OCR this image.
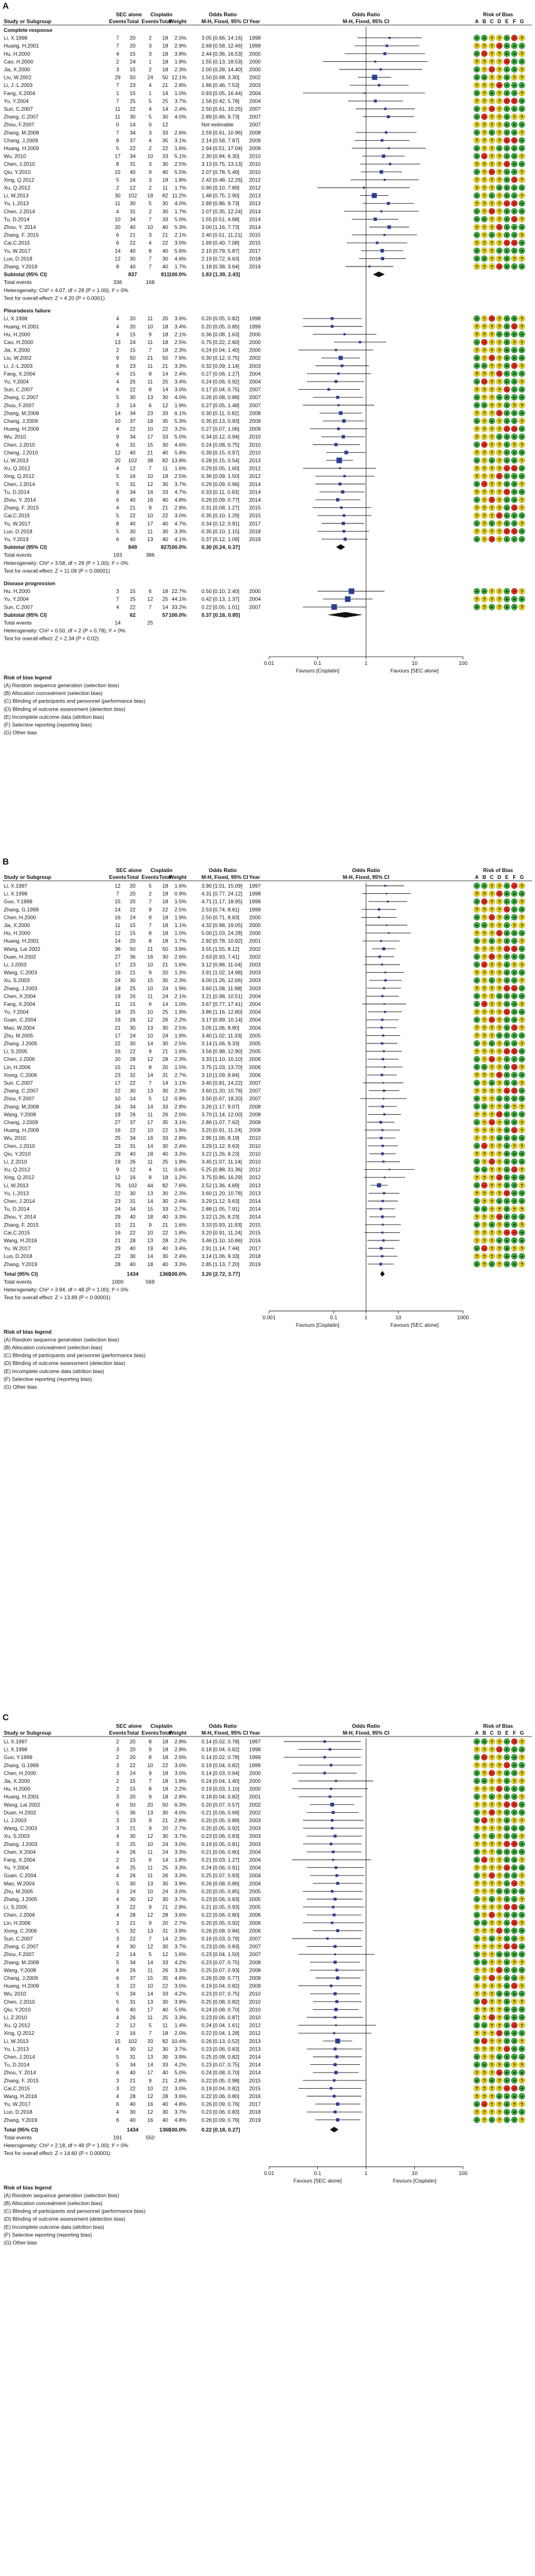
A
SEC alone Cisplatin	Odds Ratio	Odds Ratio	Risk of Bias
Study or Subgroup	Events Total Events Total
Weight	M-H, Fixed, 95% CI Year	M-H, Fixed, 95% CI	A B C D E F G
Complete response
Li, X.1998	7 20	2 18 2.0%	3.05 [0.66, 14.16] 1998	+ + ? ? + − ?
Huang, H.2001	7 20	3 18 2.9%	2.69 [0.58, 12.46] 1999	? ? ? − + + +
Hu, H.2000	4 15	3 18 3.8%	2.44 [0.36, 16.53] 2000	+ − ? ? + + ?
Cao, H.2000	2 24	1 18 1.8%	1.55 [0.13, 18.53] 2000	? ? ? ? − + +
Jia, X.2000	3 15	2 18 2.3%	2.00 [0.28, 14.40] 2000	+ ? − ? + + ?
Liu, W.2002	29 50 24 50 12.1%	1.50 [0.68, 3.30] 2002	+ + ? ? + ? ?
Li, J.-L.2003	7 23	4 21 2.8%	1.86 [0.46, 7.53] 2003	? ? ? − + + +
Fang, X.2004	1 15	1 14 1.0%	0.93 [0.05, 16.44] 2004	+ ? + ? + + ?
Yu, Y.2004	7 25	5 25 3.7%	1.56 [0.42, 5.78] 2004	? ? ? ? − − +
Sun, C.2007	11 22	4 14 2.4%	2.50 [0.61, 10.25] 2007	+ ? − ? + + +
Zhang, C.2007	11 30	5 30 4.0%	2.89 [0.86, 9.73] 2007	+ − ? ? + ? ?
Zhou, F.2007	0 14	0 12	Not estimable	2007	? ? ? ? + + +
Zhang, M.2008	7 34	3 33 2.6%	2.59 [0.61, 10.96] 2008	+ ? + ? + + ?
Chang, J.2009	8 37	4 35 3.1%	2.14 [0.58, 7.87] 2009	? ? ? ? − − +
Huang, H.2009	5 22	2 22 1.6%	2.94 [0.51, 17.04] 2009	+ ? ? + + + +
Wu, 2010	17 34 10 33 5.1%	2.30 [0.84, 6.30] 2010	+ − ? ? + + ?
Chen, J.2010	8 31	3 30 2.5%	3.13 [0.75, 13.13] 2010	? ? ? ? − + +
Qiu, Y.2010	15 40	9 40 5.5%	2.07 [0.78, 5.49] 2010	+ ? − ? + + ?
Xing, Q.2012	5 16	3 18 1.8%	2.42 [0.48, 12.26] 2012	? ? ? ? + − ?
Xu, Q.2012	2 12	2 11 1.7%	0.90 [0.10, 7.89] 2012	? ? ? + + + +
Li, W.2013	30 102 18 82 11.2%	1.48 [0.75, 2.90] 2013	+ ? + ? + + ?
Yu, L.2013	11 30	5 30 4.0%	2.89 [0.86, 9.73] 2013	? ? ? ? − − +
Chen, J.2014	4 31	2 30 1.7%	2.07 [0.35, 12.24] 2014	+ ? − ? + + +
Tu, D.2014	10 34	7 33 5.0%	1.55 [0.51, 4.68] 2014	+ + ? ? + − ?
Zhou, Y. 2014	20 40 10 40 5.3%	3.00 [1.16, 7.73] 2014	? ? ? − + + +
Zhang, F. 2015	6 21	3 21 2.1%	2.40 [0.51, 11.21] 2015	+ ? + ? + + ?
Cai,C.2015	6 22	4 22 3.0%	1.69 [0.40, 7.08] 2015	? ? ? ? − − +
Yu, W.2017	14 40	8 40 5.6%	2.15 [0.79, 5.87] 2017	+ ? ? + + + +
Luo, D.2018	12 30	7 30 4.6%	2.19 [0.72, 6.63] 2018	+ + ? ? + ? ?
Zhang, Y.2019	8 40	7 40 1.7%	1.18 [0.38, 3.64] 2019	? ? ? − + + +
Subtotal (95% CI)	837	811
100.0%	1.83 [1.39, 2.43]
Total events	336	168
Heterogeneity: Chi² = 4.07, df = 28 (P = 1.00); I² = 0%
Test for overall effect: Z = 4.20 (P < 0.0001)
Pleurodesis failure
Li, X.1998	4 20 11 20 3.6%	0.20 [0.05, 0.82] 1998	+ ? − ? + + ?
Huang, H.2001	4 20 10 18 3.4%	0.20 [0.05, 0.85] 1999	? ? ? ? + − ?
Hu, H.2000	4 15	9 18 2.1%	0.36 [0.08, 1.63] 2000	? ? ? + + + +
Cao, H.2000	13 24 11 18 2.5%	0.75 [0.22, 2.60] 2000	+ − ? ? + ? ?
Jia, X.2000	2 15	7 18 2.3%	0.24 [0.04, 1.40] 2000	? ? ? ? + + +
Liu, W.2002	9 50 21 50 7.6%	0.30 [0.12, 0.75] 2002	+ ? − ? + + +
Li, J.-L.2003	6 23 11 21 3.3%	0.32 [0.09, 1.14] 2003	+ + ? ? + − ?
Fang, X.2004	4 15	8 14 2.4%	0.27 [0.06, 1.27] 2004	? ? ? − + + +
Yu, Y.2004	4 25 11 25 3.4%	0.24 [0.06, 0.92] 2004	+ − ? ? + + ?
Sun, C.2007	4 22	8 14 3.0%	0.17 [0.04, 0.75] 2007	? ? ? ? − + +
Zhang, C.2007	5 30 13 30 4.0%	0.26 [0.08, 0.88] 2007	+ ? ? + + + +
Zhou, F.2007	3 14	6 12 1.9%	0.27 [0.05, 1.48] 2007	+ + ? ? + ? ?
Zhang, M.2008	14 34 23 33 6.1%	0.30 [0.11, 0.82] 2008	? ? ? − + + +
Chang, J.2009	10 37 18 35 5.3%	0.35 [0.13, 0.93] 2009	+ ? + ? + + ?
Huang, H.2009	4 22 10 22 3.2%	0.27 [0.07, 1.06] 2009	? ? ? ? − − +
Wu, 2010	9 34 17 33 5.0%	0.34 [0.12, 0.94] 2010	? ? ? + + + +
Chen, J.2010	6 31 15 30 4.6%	0.24 [0.08, 0.75] 2010	+ − ? ? + ? ?
Cheng, J.2010	12 40 21 40 5.9%	0.39 [0.15, 0.97] 2010	? ? ? ? + + +
Li, W.2013	20 102 38 82 13.8%	0.28 [0.15, 0.54] 2013	+ ? + ? + + ?
Xu, Q.2012	4 12	7 11 1.6%	0.29 [0.05, 1.60] 2012	? ? ? ? − − +
Xing, Q.2012	5 16 10 18 2.5%	0.36 [0.09, 1.50] 2012	? ? ? − + + +
Chen, J.2014	5 31 12 30 3.7%	0.29 [0.09, 0.96] 2014	+ − ? ? + + ?
Tu, D.2014	8 34 16 33 4.7%	0.33 [0.11, 0.93] 2014	? ? ? ? − + +
Zhou, Y. 2014	6 40 16 40 4.8%	0.26 [0.09, 0.77] 2014	+ ? − ? + + ?
Zhang, F. 2015	4 21	9 21 2.8%	0.31 [0.08, 1.27] 2015	? ? ? ? + − ?
Cai,C.2015	5 22 10 22 3.0%	0.35 [0.10, 1.29] 2015	? ? ? − + + +
Yu, W.2017	8 40 17 40 4.7%	0.34 [0.12, 0.91] 2017	+ ? + ? + + ?
Luo, D.2018	5 30 11 30 3.3%	0.35 [0.10, 1.15] 2018	? ? ? ? − − +
Yu, Y.2019	6 40 13 40 4.1%	0.37 [0.12, 1.09] 2019	+ ? − ? + + +
Subtotal (95% CI)	849	827
100.0%	0.30 [0.24, 0.37]
Total events	193	386
Heterogeneity: Chi² = 3.58, df = 28 (P = 1.00); I² = 0%
Test for overall effect: Z = 11.09 (P < 0.00001)
Disease progression
Hu, H.2000	3 15	6 18 22.7%	0.50 [0.10, 2.40] 2000	+ + ? ? + − ?
Yu, Y.2004	7 25 12 25 44.1%	0.42 [0.13, 1.37] 2004	? ? ? ? + + +
Sun, C.2007	4 22	7 14 33.2%	0.22 [0.05, 1.01] 2007	+ ? + ? + + ?
Subtotal (95% CI)	62	57 100.0%	0.37 [0.16, 0.85]
Total events	14	25
Heterogeneity: Chi² = 0.50, df = 2 (P = 0.78); I² = 0%
Test for overall effect: Z = 2.34 (P = 0.02)
0.01	0.1	1	10	100
Favours [Cisplatin]	Favours [SEC alone]
Risk of bias legend
(A) Random sequence generation (selection bias)
(B) Allocation concealment (selection bias)
(C) Blinding of participants and personnel (performance bias)
(D) Blinding of outcome assessment (detection bias)
(E) Incomplete outcome data (attrition bias)
(F) Selective reporting (reporting bias)
(G) Other bias
B
SEC alone Cisplatin	Odds Ratio	Odds Ratio	Risk of Bias
Study or Subgroup	Events Total Events Total
Weight	M-H, Fixed, 95% CI Year	M-H, Fixed, 95% CI	A B C D E F G
Li, X.1997	12 20	5 18 1.6%	3.90 [1.01, 15.09] 1997	+ + ? ? + − ?
Li, X.1998	7 20	2 18 0.9%	4.31 [0.77, 24.12] 1998	? ? ? − + + +
Guo, Y.1999	15 20	7 18 1.5%	4.71 [1.17, 18.95] 1999	+ − ? ? + + ?
Zhang, G.1999	14 22	9 22 2.5%	2.53 [0.74, 8.61] 1999	? ? ? ? − + +
Chen, H.2000	16 24	8 18 1.9%	2.50 [0.71, 8.83] 2000	+ ? − ? + + ?
Jia, X.2000	11 15	7 18 1.1%	4.32 [0.98, 19.05] 2000	+ + ? ? + ? ?
Hu, H.2000	12 15	8 18 1.0%	5.00 [1.03, 24.28] 2000	? ? ? − + + +
Huang, H.2001	14 20	8 18 1.7%	2.92 [0.78, 10.92] 2001	+ ? + ? + + ?
Wang, Lai 2002	36 50 21 50 3.9%	3.55 [1.55, 8.12] 2002	? ? ? ? − − +
Duan, H.2002	27 36 16 30 2.6%	2.63 [0.93, 7.41] 2002	+ ? − ? + + +
Li, J.2003	17 23 10 21 1.6%	3.12 [0.88, 11.04] 2003	+ − ? ? + ? ?
Wang, C.2003	16 21	9 20 1.3%	3.91 [1.02, 14.98] 2003	? ? ? ? + + +
Xu, S.2003	24 30 15 30 2.3%	4.00 [1.26, 12.66] 2003	+ ? + ? + + ?
Zhang, J.2003	18 25 10 24 1.9%	3.60 [1.08, 11.98] 2003	? ? ? ? − − +
Chen, X.2004	19 26 11 24 2.1%	3.21 [0.98, 10.51] 2004	+ ? ? + + + +
Fang, X.2004	11 15	6 14 1.0%	3.67 [0.77, 17.41] 2004	+ − ? ? + + ?
Yu, Y.2004	18 25 10 25 1.9%	3.86 [1.16, 12.80] 2004	? ? ? ? − + +
Guan, C.2004	19 26 12 26 2.2%	3.17 [0.99, 10.14] 2004	+ ? − ? + + ?
Mao, W.2004	21 30 13 30 2.5%	3.05 [1.06, 8.80] 2004	? ? ? ? + − ?
Zhu, M.2005	17 24 10 24 1.9%	3.40 [1.02, 11.33] 2005	? ? ? + + + +
Zhang, J.2005	22 30 14 30 2.5%	3.14 [1.06, 9.33] 2005	+ ? + ? + + ?
Li, S.2005	16 22	9 21 1.6%	3.56 [0.98, 12.90] 2005	? ? ? ? − − +
Chen, J.2006	20 28 12 28 2.3%	3.33 [1.10, 10.10] 2006	+ ? − ? + + +
Lin, H.2006	15 21	8 20 1.5%	3.75 [1.03, 13.70] 2006	+ + ? ? + − ?
Xiong, C.2006	23 32 14 31 2.7%	3.10 [1.09, 8.84] 2006	? ? ? − + + +
Sun, C.2007	17 22	7 14 1.1%	3.40 [0.81, 14.22] 2007	+ ? + ? + + ?
Zhang, C.2007	22 30 13 30 2.3%	3.60 [1.20, 10.78] 2007	? ? ? ? − − +
Zhou, F.2007	10 14	5 12 0.9%	3.50 [0.67, 18.20] 2007	+ ? ? + + + +
Zhang, M.2008	24 34 14 33 2.8%	3.26 [1.17, 9.07] 2008	+ + ? ? + ? ?
Wang, Y.2008	19 26 11 26 2.0%	3.70 [1.14, 12.00] 2008	? ? ? − + + +
Chang, J.2009	27 37 17 35 3.1%	2.86 [1.07, 7.62] 2009	+ ? − ? + + ?
Huang, H.2009	16 22 10 22 1.9%	3.20 [0.91, 11.24] 2009	? ? ? ? + − ?
Wu, 2010	25 34 16 33 2.8%	2.95 [1.06, 8.19] 2010	? ? ? + + + +
Chen, J.2010	23 31 14 30 2.4%	3.29 [1.12, 9.63] 2010	+ − ? ? + ? ?
Qiu, Y.2010	29 40 18 40 3.3%	3.22 [1.26, 8.23] 2010	? ? ? ? + + +
Li, Z.2010	19 26 11 25 1.9%	3.45 [1.07, 11.14] 2010	+ ? − ? + + +
Xu, Q.2012	9 12	4 11 0.6%	5.25 [0.88, 31.36] 2012	+ + ? ? + − ?
Xing, Q.2012	12 16	8 18 1.2%	3.75 [0.86, 16.29] 2012	? ? ? − + + +
Li, W.2013	76 102 44 82 7.6%	2.52 [1.36, 4.69] 2013	+ − ? ? + + ?
Yu, L.2013	22 30 13 30 2.3%	3.60 [1.20, 10.78] 2013	? ? ? ? − + +
Chen, J.2014	23 31 14 30 2.4%	3.29 [1.12, 9.63] 2014	+ ? ? + + + +
Tu, D.2014	24 34 15 33 2.7%	2.88 [1.05, 7.91] 2014	+ + ? ? + ? ?
Zhou, Y. 2014	29 40 18 40 3.3%	3.22 [1.26, 8.23] 2014	? ? ? − + + +
Zhang, F. 2015	15 21	9 21 1.6%	3.33 [0.93, 11.93] 2015	+ ? + ? + + ?
Cai,C.2015	16 22 10 22 1.8%	3.20 [0.91, 11.24] 2015	? ? ? ? − − +
Wang, H.2016	21 28 13 28 2.2%	3.46 [1.10, 10.86] 2016	? ? ? + + + +
Yu, W.2017	29 40 19 40 3.4%	2.91 [1.14, 7.44] 2017	+ − ? ? + ? ?
Luo, D.2018	22 30 14 30 2.4%	3.14 [1.06, 9.33] 2018	? ? ? ? + + +
Zhang, Y.2019	28 40 18 40 3.3%	2.85 [1.13, 7.20] 2019	+ ? + ? + + ?
Total (95% CI)	1434	1360
100.0%	3.20 [2.72, 3.77]
Total events	1000	569
Heterogeneity: Chi² = 3.84, df = 48 (P = 1.00); I² = 0%
Test for overall effect: Z = 13.89 (P < 0.00001)
0.001	0.1	1	10	1000
Favours [Cisplatin]	Favours [SEC alone]
Risk of bias legend
(A) Random sequence generation (selection bias)
(B) Allocation concealment (selection bias)
(C) Blinding of participants and personnel (performance bias)
(D) Blinding of outcome assessment (detection bias)
(E) Incomplete outcome data (attrition bias)
(F) Selective reporting (reporting bias)
(G) Other bias
C
SEC alone Cisplatin	Odds Ratio	Odds Ratio	Risk of Bias
Study or Subgroup	Events Total Events Total
Weight	M-H, Fixed, 95% CI Year	M-H, Fixed, 95% CI	A B C D E F G
Li, X.1997	2 20	8 18 2.8%	0.14 [0.02, 0.78] 1997	+ + ? ? + − ?
Li, X.1998	3 20	9 18 2.8%	0.18 [0.04, 0.82] 1998	? ? ? − + + +
Guo, Y.1999	2 20	8 18 2.6%	0.14 [0.02, 0.78] 1999	+ − ? ? + + ?
Zhang, G.1999	3 22 10 22 3.0%	0.19 [0.04, 0.82] 1999	? ? ? ? − + +
Chen, H.2000	3 24	9 18 3.0%	0.14 [0.03, 0.64] 2000	+ ? − ? + + ?
Jia, X.2000	2 15	7 18 1.9%	0.24 [0.04, 1.40] 2000	+ + ? ? + ? ?
Hu, H.2000	2 15	8 18 2.2%	0.19 [0.03, 1.10] 2000	? ? ? − + + +
Huang, H.2001	3 20	9 18 2.8%	0.18 [0.04, 0.82] 2001	+ ? + ? + + ?
Wang, Lai 2002	6 50 20 50 6.3%	0.20 [0.07, 0.57] 2002	? ? ? ? − − +
Duan, H.2002	5 36 13 30 4.0%	0.21 [0.06, 0.69] 2002	+ ? − ? + + +
Li, J.2003	3 23	9 21 2.8%	0.20 [0.05, 0.89] 2003	+ − ? ? + ? ?
Wang, C.2003	3 21	9 20 2.7%	0.20 [0.05, 0.92] 2003	? ? ? ? + + +
Xu, S.2003	4 30 12 30 3.7%	0.23 [0.06, 0.83] 2003	+ ? + ? + + ?
Zhang, J.2003	3 25 10 24 3.0%	0.19 [0.05, 0.81] 2003	? ? ? ? − − +
Chen, X.2004	4 26 11 24 3.3%	0.21 [0.06, 0.80] 2004	+ ? ? + + + +
Fang, X.2004	2 15	6 14 1.8%	0.21 [0.03, 1.27] 2004	+ − ? ? + + ?
Yu, Y.2004	4 25 11 25 3.3%	0.24 [0.06, 0.91] 2004	? ? ? ? − + +
Guan, C.2004	4 26 11 26 3.3%	0.25 [0.07, 0.93] 2004	+ ? − ? + + ?
Mao, W.2004	5 30 13 30 3.9%	0.26 [0.08, 0.86] 2004	? ? ? ? + − ?
Zhu, M.2005	3 24 10 24 3.0%	0.20 [0.05, 0.85] 2005	? ? ? + + + +
Zhang, J.2005	4 30 12 30 3.7%	0.23 [0.06, 0.83] 2005	+ ? + ? + + ?
Li, S.2005	3 22	9 21 2.8%	0.21 [0.05, 0.93] 2005	? ? ? ? − − +
Chen, J.2006	4 28 12 28 3.6%	0.22 [0.06, 0.80] 2006	+ ? − ? + + +
Lin, H.2006	3 21	9 20 2.7%	0.20 [0.05, 0.92] 2006	+ + ? ? + − ?
Xiong, C.2006	5 32 13 31 3.9%	0.26 [0.08, 0.84] 2006	? ? ? − + + +
Sun, C.2007	3 22	7 14 2.3%	0.16 [0.03, 0.79] 2007	+ ? + ? + + ?
Zhang, C.2007	4 30 12 30 3.7%	0.23 [0.06, 0.83] 2007	? ? ? ? − − +
Zhou, F.2007	2 14	5 12 1.6%	0.23 [0.04, 1.50] 2007	+ ? ? + + + +
Zhang, M.2008	5 34 14 33 4.2%	0.23 [0.07, 0.75] 2008	+ + ? ? + ? ?
Wang, Y.2008	4 26 11 26 3.3%	0.25 [0.07, 0.93] 2008	? ? ? − + + +
Chang, J.2009	6 37 15 35 4.6%	0.26 [0.09, 0.77] 2009	+ ? − ? + + ?
Huang, H.2009	3 22 10 22 3.0%	0.19 [0.04, 0.82] 2009	? ? ? ? + − ?
Wu, 2010	5 34 14 33 4.2%	0.23 [0.07, 0.75] 2010	? ? ? + + + +
Chen, J.2010	5 31 13 30 3.9%	0.25 [0.08, 0.82] 2010	+ − ? ? + ? ?
Qiu, Y.2010	6 40 17 40 5.0%	0.24 [0.08, 0.70] 2010	? ? ? ? + + +
Li, Z.2010	4 26 11 25 3.3%	0.23 [0.06, 0.87] 2010	+ ? − ? + + +
Xu, Q.2012	2 12	5 11 1.4%	0.24 [0.04, 1.61] 2012	+ + ? ? + − ?
Xing, Q.2012	2 16	7 18 2.0%	0.22 [0.04, 1.28] 2012	? ? ? − + + +
Li, W.2013	15 102 33 82 10.4%	0.26 [0.13, 0.52] 2013	+ − ? ? + + ?
Yu, L.2013	4 30 12 30 3.7%	0.23 [0.06, 0.83] 2013	? ? ? ? − + +
Chen, J.2014	5 31 13 30 3.9%	0.25 [0.08, 0.82] 2014	+ ? ? + + + +
Tu, D.2014	5 34 14 33 4.2%	0.23 [0.07, 0.75] 2014	+ + ? ? + ? ?
Zhou, Y. 2014	6 40 17 40 5.0%	0.24 [0.08, 0.70] 2014	? ? ? − + + +
Zhang, F. 2015	3 21	9 21 2.8%	0.22 [0.05, 0.98] 2015	+ ? + ? + + ?
Cai,C.2015	3 22 10 22 3.0%	0.19 [0.04, 0.82] 2015	? ? ? ? − − +
Wang, H.2016	4 28 12 28 3.6%	0.22 [0.06, 0.80] 2016	? ? ? + + + +
Yu, W.2017	6 40 16 40 4.8%	0.26 [0.09, 0.76] 2017	+ − ? ? + ? ?
Luo, D.2018	4 30 12 30 3.7%	0.23 [0.06, 0.83] 2018	? ? ? ? + + +
Zhang, Y.2019	6 40 16 40 4.8%	0.26 [0.09, 0.76] 2019	+ ? + ? + + ?
Total (95% CI)	1434	1360
100.0%	0.22 [0.18, 0.27]
Total events	191	550
Heterogeneity: Chi² = 2.18, df = 48 (P = 1.00); I² = 0%
Test for overall effect: Z = 14.60 (P < 0.00001)
0.01	0.1	1	10	100
Favours [SEC alone]	Favours [Cisplatin]
Risk of bias legend
(A) Random sequence generation (selection bias)
(B) Allocation concealment (selection bias)
(C) Blinding of participants and personnel (performance bias)
(D) Blinding of outcome assessment (detection bias)
(E) Incomplete outcome data (attrition bias)
(F) Selective reporting (reporting bias)
(G) Other bias
